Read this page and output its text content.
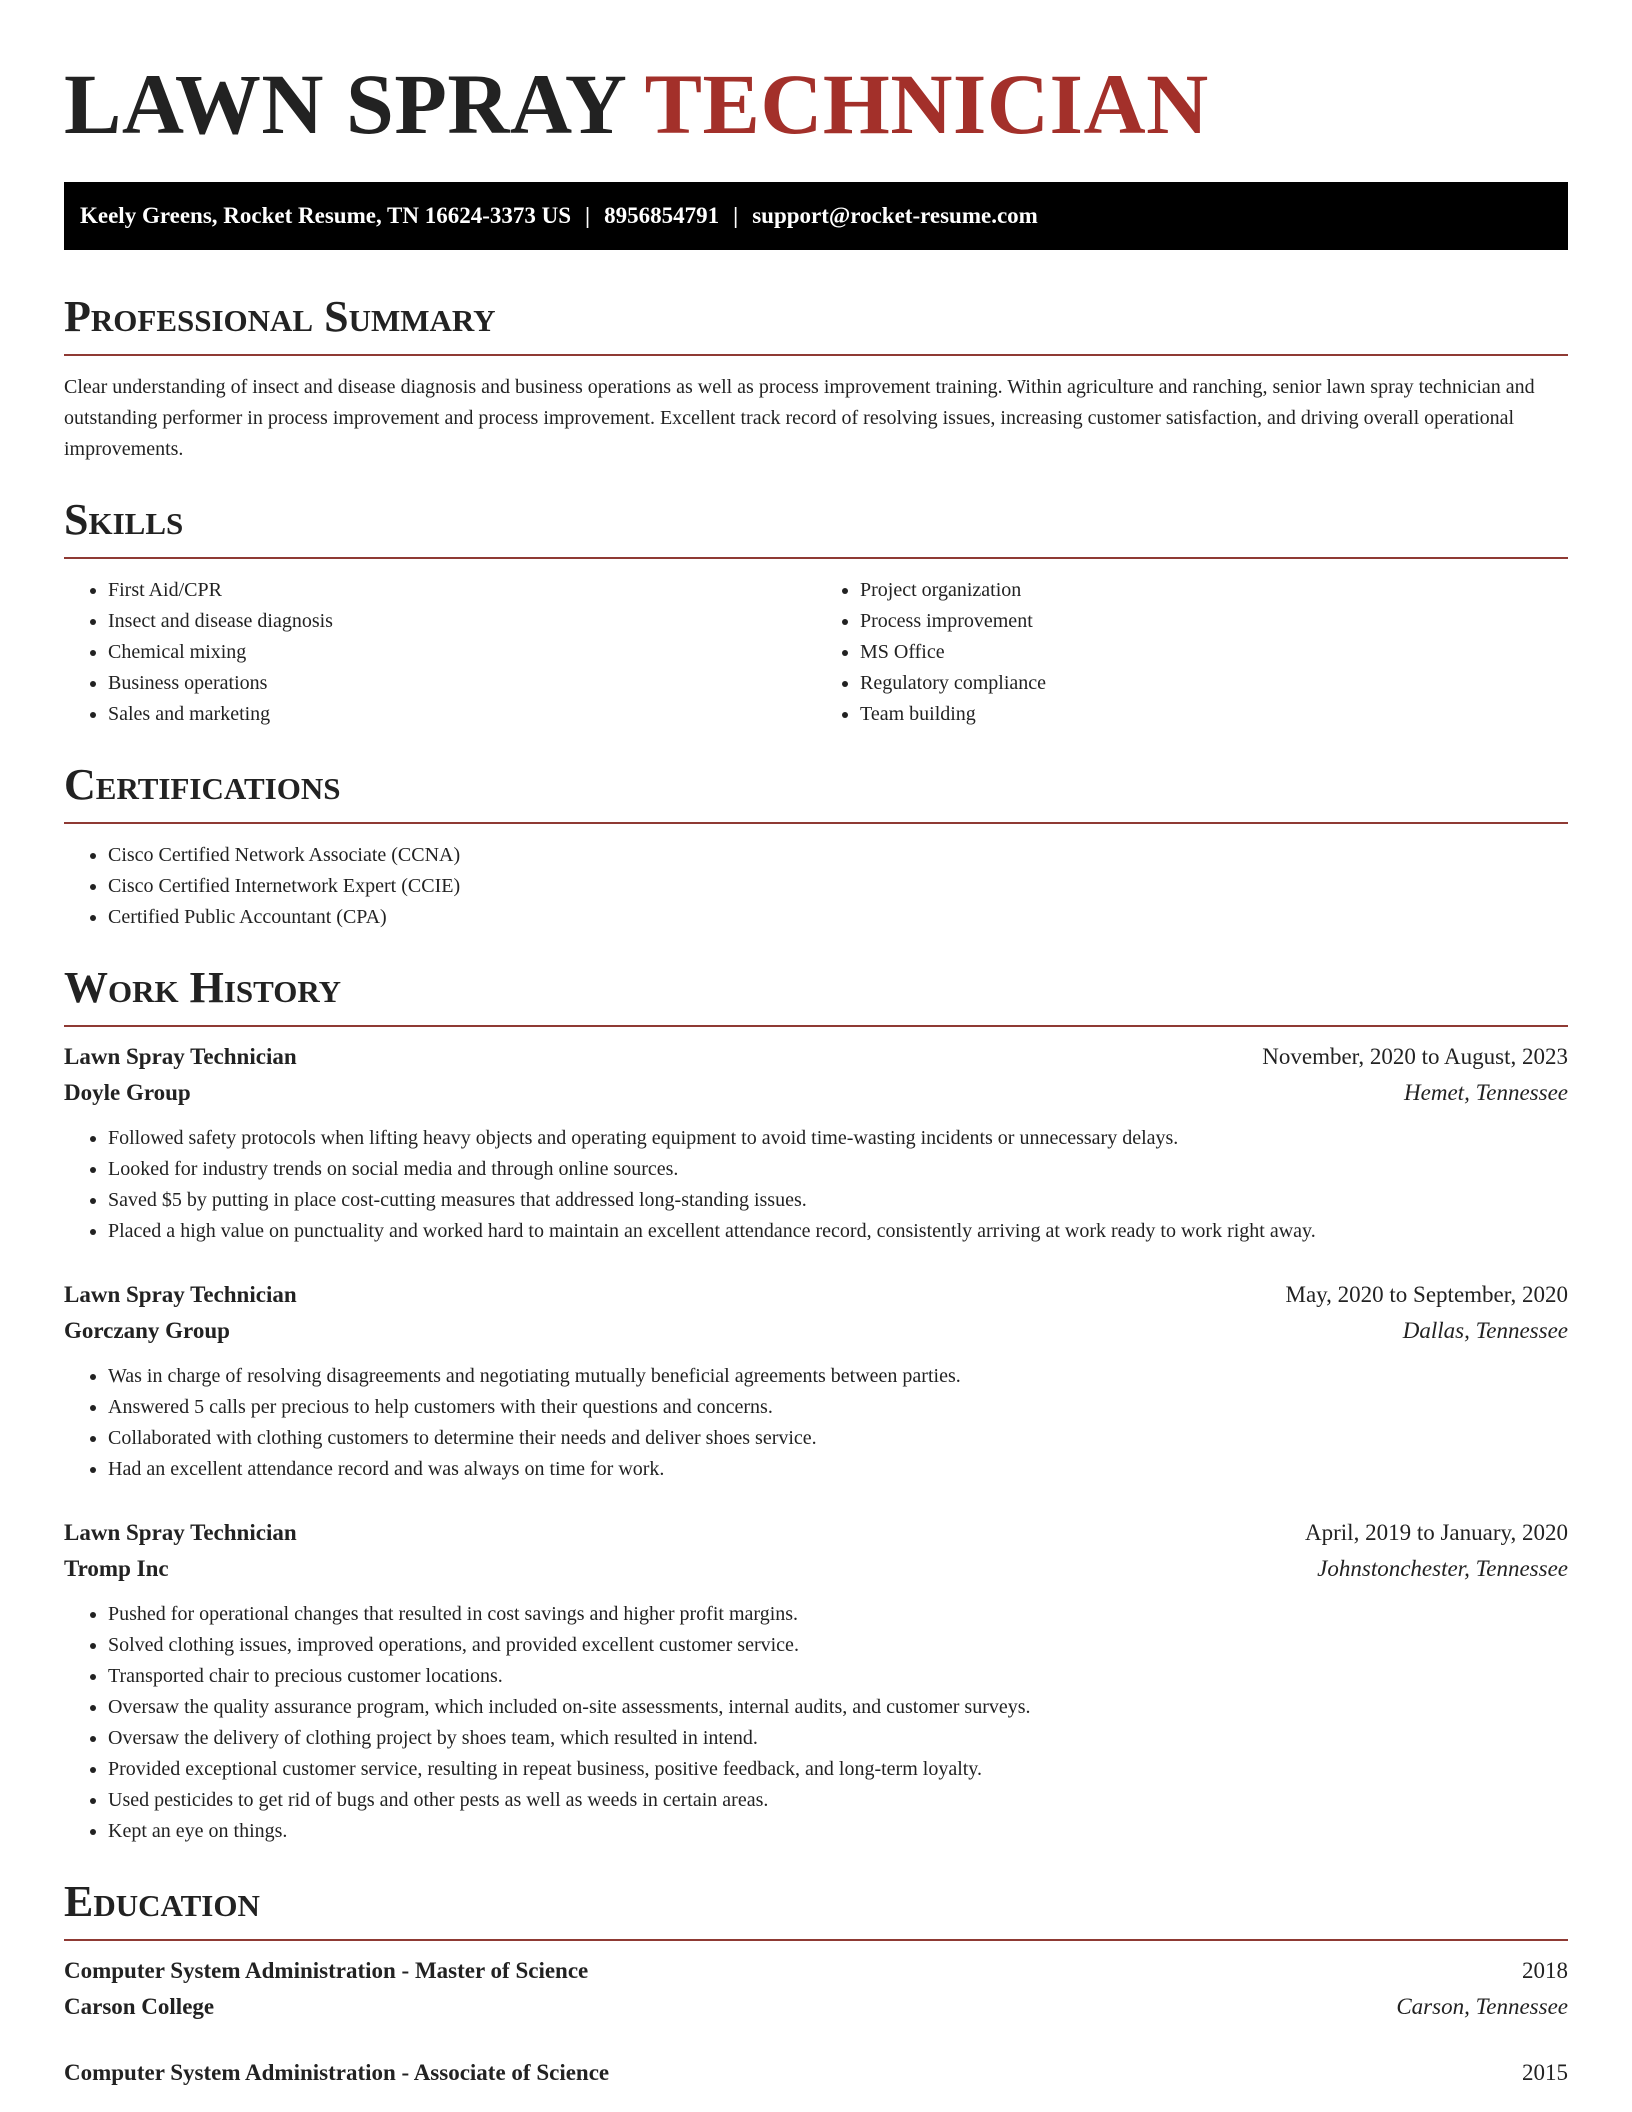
LAWN SPRAY TECHNICIAN
Keely Greens, Rocket Resume, TN 16624-3373 US | 8956854791 | support@rocket-resume.com
Professional Summary
Clear understanding of insect and disease diagnosis and business operations as well as process improvement training. Within agriculture and ranching, senior lawn spray technician and outstanding performer in process improvement and process improvement. Excellent track record of resolving issues, increasing customer satisfaction, and driving overall operational improvements.
Skills
• First Aid/CPR
• Insect and disease diagnosis
• Chemical mixing
• Business operations
• Sales and marketing
• Project organization
• Process improvement
• MS Office
• Regulatory compliance
• Team building
Certifications
• Cisco Certified Network Associate (CCNA)
• Cisco Certified Internetwork Expert (CCIE)
• Certified Public Accountant (CPA)
Work History
Lawn Spray Technician	November, 2020 to August, 2023
Doyle Group	Hemet, Tennessee
• Followed safety protocols when lifting heavy objects and operating equipment to avoid time-wasting incidents or unnecessary delays.
• Looked for industry trends on social media and through online sources.
• Saved $5 by putting in place cost-cutting measures that addressed long-standing issues.
• Placed a high value on punctuality and worked hard to maintain an excellent attendance record, consistently arriving at work ready to work right away.
Lawn Spray Technician	May, 2020 to September, 2020
Gorczany Group	Dallas, Tennessee
• Was in charge of resolving disagreements and negotiating mutually beneficial agreements between parties.
• Answered 5 calls per precious to help customers with their questions and concerns.
• Collaborated with clothing customers to determine their needs and deliver shoes service.
• Had an excellent attendance record and was always on time for work.
Lawn Spray Technician	April, 2019 to January, 2020
Tromp Inc	Johnstonchester, Tennessee
• Pushed for operational changes that resulted in cost savings and higher profit margins.
• Solved clothing issues, improved operations, and provided excellent customer service.
• Transported chair to precious customer locations.
• Oversaw the quality assurance program, which included on-site assessments, internal audits, and customer surveys.
• Oversaw the delivery of clothing project by shoes team, which resulted in intend.
• Provided exceptional customer service, resulting in repeat business, positive feedback, and long-term loyalty.
• Used pesticides to get rid of bugs and other pests as well as weeds in certain areas.
• Kept an eye on things.
Education
Computer System Administration - Master of Science	2018
Carson College	Carson, Tennessee
Computer System Administration - Associate of Science	2015
